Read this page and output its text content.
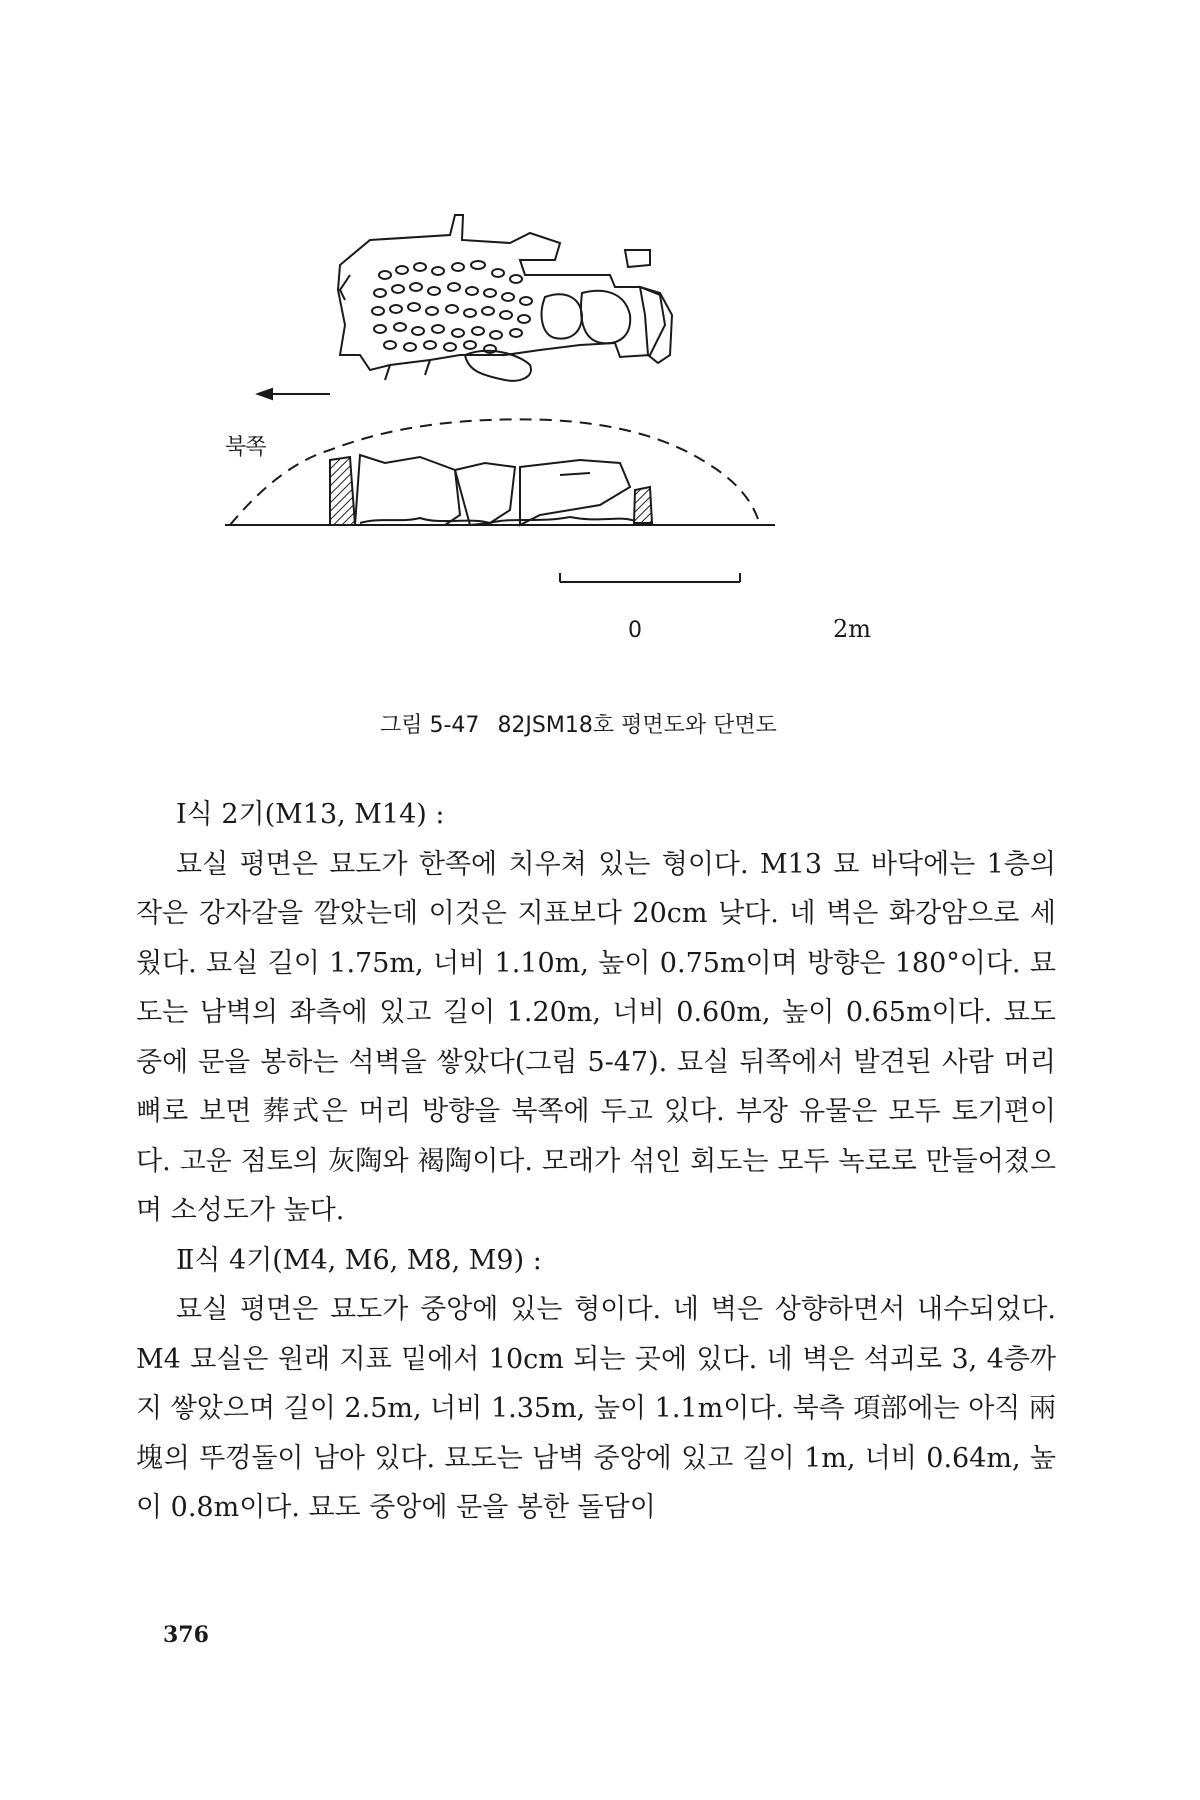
북쪽
0	2m
그림 5-47 82JSM18호 평면도와 단면도

Ⅰ식 2기(M13, M14) :

묘실 평면은 묘도가 한쪽에 치우쳐 있는 형이다. M13 묘 바닥에는 1층의 작은 강자갈을 깔았는데 이것은 지표보다 20cm 낮다. 네 벽은 화강암으로 세웠다. 묘실 길이 1.75m, 너비 1.10m, 높이 0.75m이며 방향은 180°이다. 묘도는 남벽의 좌측에 있고 길이 1.20m, 너비 0.60m, 높이 0.65m이다. 묘도 중에 문을 봉하는 석벽을 쌓았다(그림 5-47). 묘실 뒤쪽에서 발견된 사람 머리뼈로 보면 葬式은 머리 방향을 북쪽에 두고 있다. 부장 유물은 모두 토기편이다. 고운 점토의 灰陶와 褐陶이다. 모래가 섞인 회도는 모두 녹로로 만들어졌으며 소성도가 높다.

Ⅱ식 4기(M4, M6, M8, M9) :

묘실 평면은 묘도가 중앙에 있는 형이다. 네 벽은 상향하면서 내수되었다. M4 묘실은 원래 지표 밑에서 10cm 되는 곳에 있다. 네 벽은 석괴로 3, 4층까지 쌓았으며 길이 2.5m, 너비 1.35m, 높이 1.1m이다. 북측 項部에는 아직 兩塊의 뚜껑돌이 남아 있다. 묘도는 남벽 중앙에 있고 길이 1m, 너비 0.64m, 높이 0.8m이다. 묘도 중앙에 문을 봉한 돌담이

376
